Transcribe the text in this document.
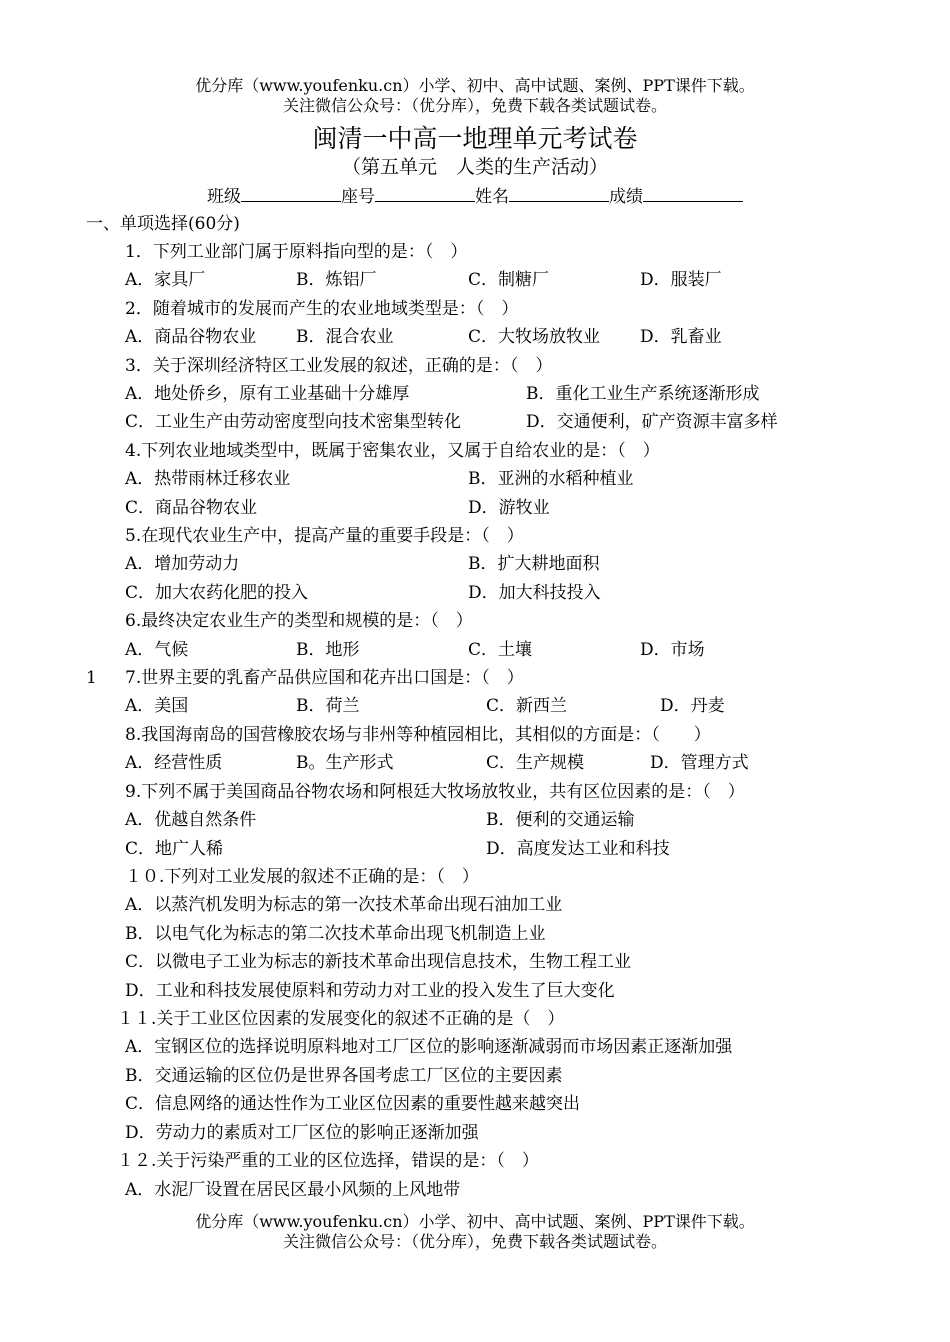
优分库（www.youfenku.cn）小学、初中、高中试题、案例、PPT课件下载。
关注微信公众号：（优分库），免费下载各类试题试卷。
闽清一中高一地理单元考试卷
（第五单元　人类的生产活动）
班级	座号	姓名	成绩
一、单项选择(60分)
1．下列工业部门属于原料指向型的是：（　）
A．家具厂	B．炼铝厂	C．制糖厂	D．服装厂
2．随着城市的发展而产生的农业地域类型是：（　）
A．商品谷物农业 B．混合农业	C．大牧场放牧业 D．乳畜业
3．关于深圳经济特区工业发展的叙述，正确的是：（　）
A．地处侨乡，原有工业基础十分雄厚	B．重化工业生产系统逐渐形成
C．工业生产由劳动密度型向技术密集型转化	D．交通便利，矿产资源丰富多样
4.下列农业地域类型中，既属于密集农业，又属于自给农业的是：（　）
A．热带雨林迁移农业	B．亚洲的水稻种植业
C．商品谷物农业	D．游牧业
5.在现代农业生产中，提高产量的重要手段是：（　）
A．增加劳动力	B．扩大耕地面积
C．加大农药化肥的投入	D．加大科技投入
6.最终决定农业生产的类型和规模的是：（　）
A．气候	B．地形	C．土壤	D．市场
1 7.世界主要的乳畜产品供应国和花卉出口国是：（　）
A．美国	B．荷兰	C．新西兰	D．丹麦
8.我国海南岛的国营橡胶农场与非州等种植园相比，其相似的方面是：（　　）
A．经营性质	B。生产形式	C．生产规模	D．管理方式
9.下列不属于美国商品谷物农场和阿根廷大牧场放牧业，共有区位因素的是：（　）
A．优越自然条件	B．便利的交通运输
C．地广人稀	D．高度发达工业和科技
１０.下列对工业发展的叙述不正确的是：（　）
A．以蒸汽机发明为标志的第一次技术革命出现石油加工业
B．以电气化为标志的第二次技术革命出现飞机制造上业
C．以微电子工业为标志的新技术革命出现信息技术，生物工程工业
D．工业和科技发展使原料和劳动力对工业的投入发生了巨大变化
１１.关于工业区位因素的发展变化的叙述不正确的是（　）
A．宝钢区位的选择说明原料地对工厂区位的影响逐渐减弱而市场因素正逐渐加强
B．交通运输的区位仍是世界各国考虑工厂区位的主要因素
C．信息网络的通达性作为工业区位因素的重要性越来越突出
D．劳动力的素质对工厂区位的影响正逐渐加强
１２.关于污染严重的工业的区位选择，错误的是：（　）
A．水泥厂设置在居民区最小风频的上风地带
优分库（www.youfenku.cn）小学、初中、高中试题、案例、PPT课件下载。
关注微信公众号：（优分库），免费下载各类试题试卷。
